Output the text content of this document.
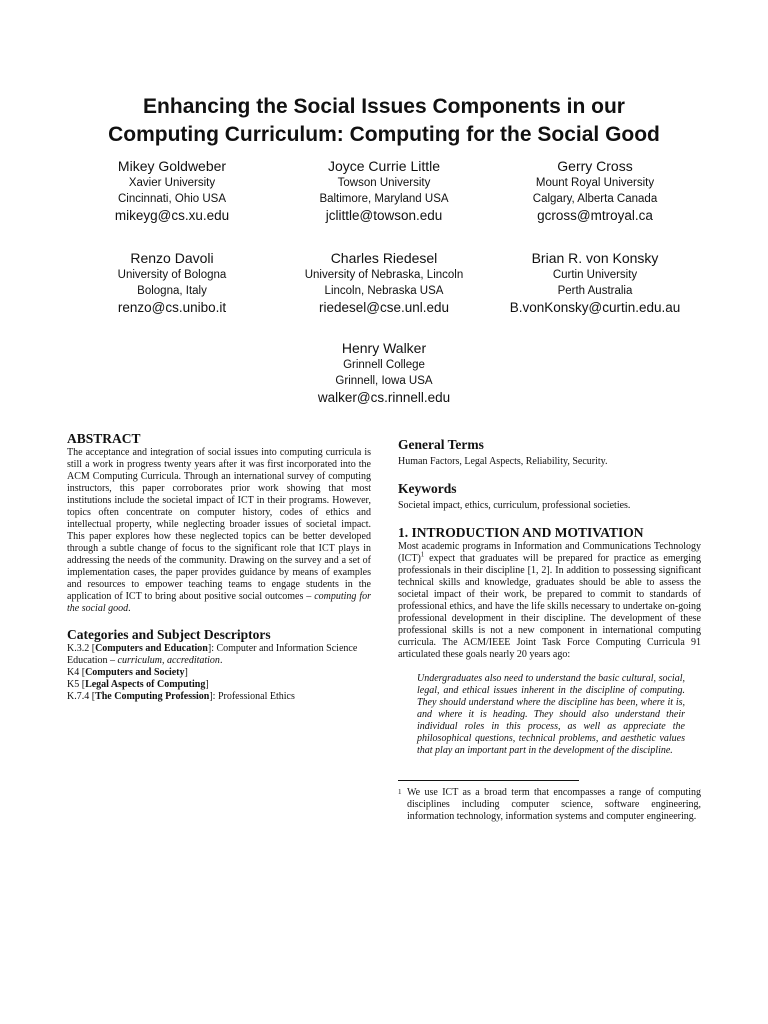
Enhancing the Social Issues Components in our
Computing Curriculum: Computing for the Social Good
Mikey Goldweber
Xavier University
Cincinnati, Ohio USA
mikeyg@cs.xu.edu
Joyce Currie Little
Towson University
Baltimore, Maryland USA
jclittle@towson.edu
Gerry Cross
Mount Royal University
Calgary, Alberta Canada
gcross@mtroyal.ca
Renzo Davoli
University of Bologna
Bologna, Italy
renzo@cs.unibo.it
Charles Riedesel
University of Nebraska, Lincoln
Lincoln, Nebraska USA
riedesel@cse.unl.edu
Brian R. von Konsky
Curtin University
Perth Australia
B.vonKonsky@curtin.edu.au
Henry Walker
Grinnell College
Grinnell, Iowa USA
walker@cs.rinnell.edu
ABSTRACT
The acceptance and integration of social issues into computing curricula is still a work in progress twenty years after it was first incorporated into the ACM Computing Curricula. Through an international survey of computing instructors, this paper corroborates prior work showing that most institutions include the societal impact of ICT in their programs. However, topics often concentrate on computer history, codes of ethics and intellectual property, while neglecting broader issues of societal impact. This paper explores how these neglected topics can be better developed through a subtle change of focus to the significant role that ICT plays in addressing the needs of the community. Drawing on the survey and a set of implementation cases, the paper provides guidance by means of examples and resources to empower teaching teams to engage students in the application of ICT to bring about positive social outcomes – computing for the social good.
Categories and Subject Descriptors
K.3.2 [Computers and Education]: Computer and Information Science Education – curriculum, accreditation.
K4 [Computers and Society]
K5 [Legal Aspects of Computing]
K.7.4 [The Computing Profession]: Professional Ethics
General Terms
Human Factors, Legal Aspects, Reliability, Security.
Keywords
Societal impact, ethics, curriculum, professional societies.
1. INTRODUCTION AND MOTIVATION
Most academic programs in Information and Communications Technology (ICT)$^1$ expect that graduates will be prepared for practice as emerging professionals in their discipline [1, 2]. In addition to possessing significant technical skills and knowledge, graduates should be able to assess the societal impact of their work, be prepared to commit to standards of professional ethics, and have the life skills necessary to undertake on-going professional development in their discipline. The development of these professional skills is not a new component in international computing curricula. The ACM/IEEE Joint Task Force Computing Curricula 91 articulated these goals nearly 20 years ago:
Undergraduates also need to understand the basic cultural, social, legal, and ethical issues inherent in the discipline of computing. They should understand where the discipline has been, where it is, and where it is heading. They should also understand their individual roles in this process, as well as appreciate the philosophical questions, technical problems, and aesthetic values that play an important part in the development of the discipline.
1 We use ICT as a broad term that encompasses a range of computing disciplines including computer science, software engineering, information technology, information systems and computer engineering.
